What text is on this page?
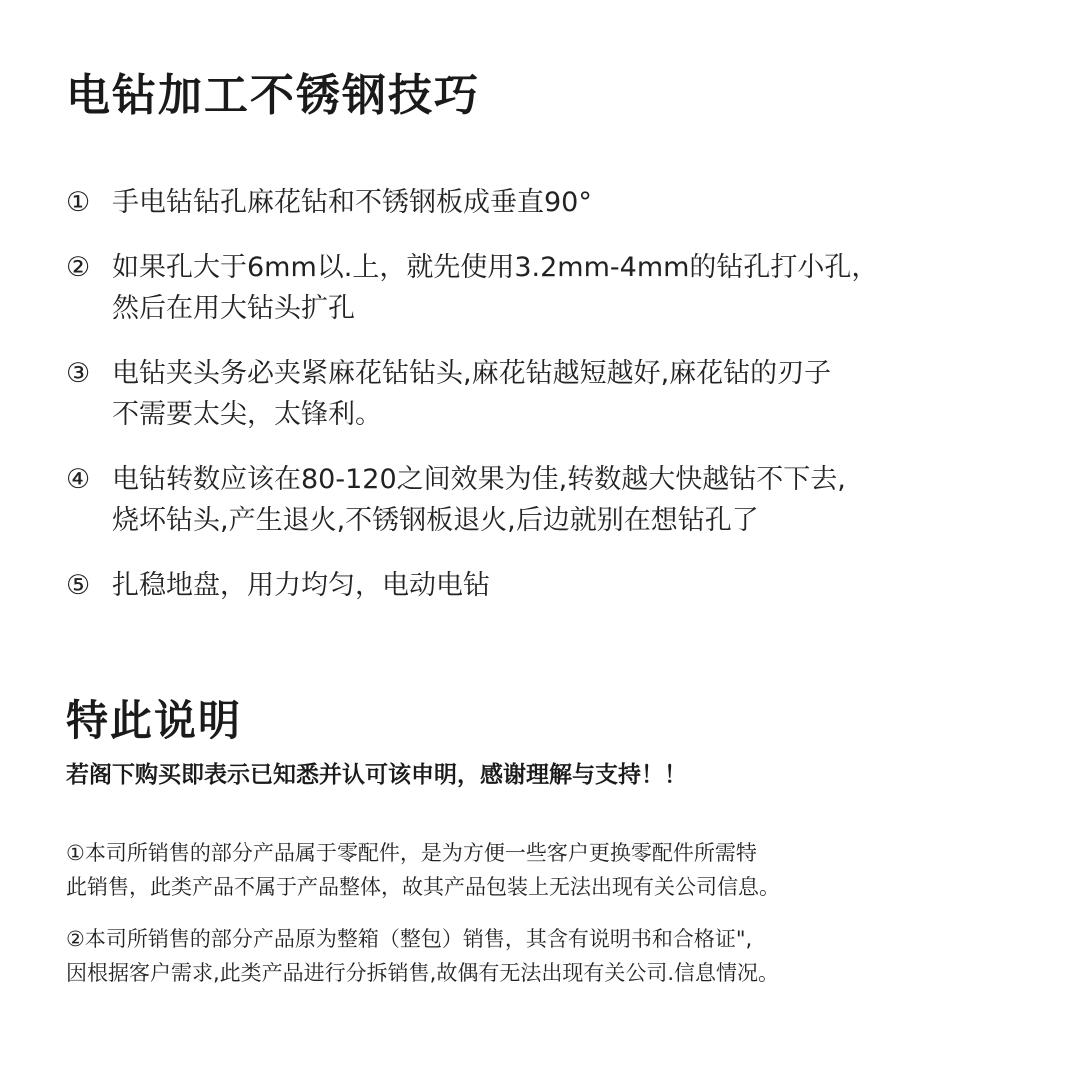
电钻加工不锈钢技巧
① 手电钻钻孔麻花钻和不锈钢板成垂直90°
② 如果孔大于6mm以.上，就先使用3.2mm-4mm的钻孔打小孔，
然后在用大钻头扩孔
③ 电钻夹头务必夹紧麻花钻钻头,麻花钻越短越好,麻花钻的刃子
不需要太尖，太锋利。
④ 电钻转数应该在80-120之间效果为佳,转数越大快越钻不下去,
烧坏钻头,产生退火,不锈钢板退火,后边就别在想钻孔了
⑤ 扎稳地盘，用力均匀，电动电钻
特此说明
若阁下购买即表示已知悉并认可该申明，感谢理解与支持！！
①本司所销售的部分产品属于零配件，是为方便一些客户更换零配件所需特
此销售，此类产品不属于产品整体，故其产品包装上无法出现有关公司信息。
②本司所销售的部分产品原为整箱（整包）销售，其含有说明书和合格证",
因根据客户需求,此类产品进行分拆销售,故偶有无法出现有关公司.信息情况。
